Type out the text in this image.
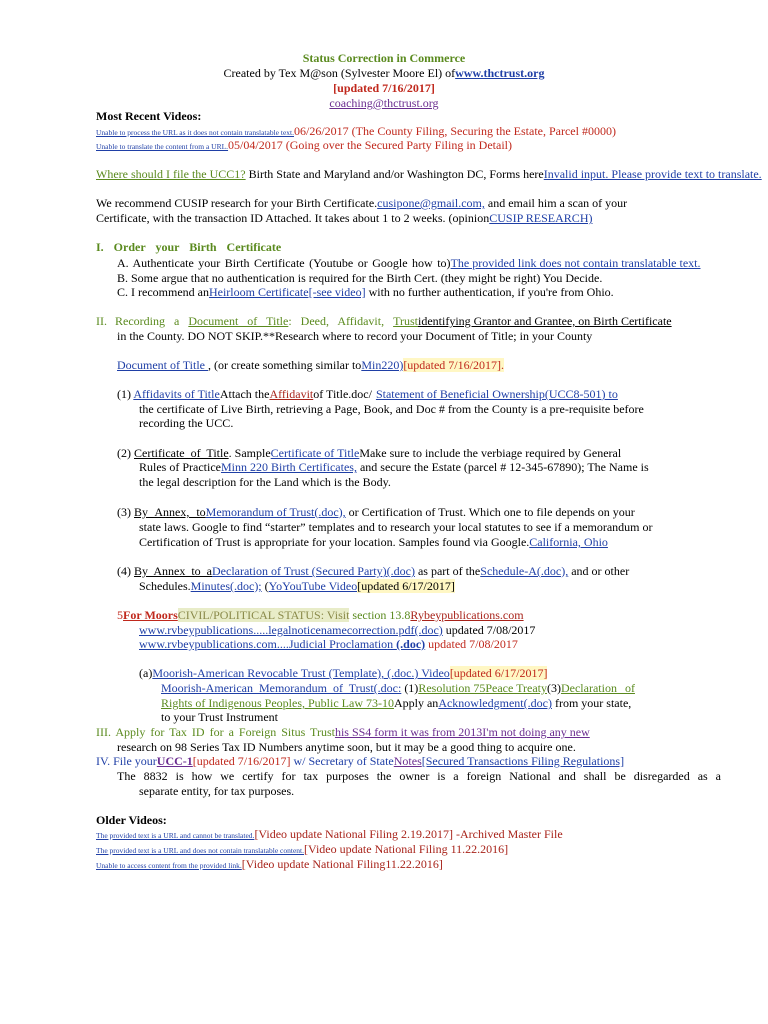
Status Correction in Commerce
Created by Tex M@son (Sylvester Moore El) ofwww.thctrust.org
[updated 7/16/2017]
coaching@thctrust.org
Most Recent Videos:
Unable to process the URL as it does not contain translatable text.06/26/2017 (The County Filing, Securing the Estate, Parcel #0000)
Unable to translate the content from a URL.05/04/2017 (Going over the Secured Party Filing in Detail)
Where should I file the UCC1? Birth State and Maryland and/or Washington DC, Forms hereInvalid input. Please provide text to translate.
We recommend CUSIP research for your Birth Certificate.cusipone@gmail.com, and email him a scan of your
Certificate, with the transaction ID Attached. It takes about 1 to 2 weeks. (opinionCUSIP RESEARCH)
I. Order your Birth Certificate
A. Authenticate your Birth Certificate (Youtube or Google how to)The provided link does not contain translatable text.
B. Some argue that no authentication is required for the Birth Cert. (they might be right) You Decide.
C. I recommend anHeirloom Certificate[-see video] with no further authentication, if you're from Ohio.
II. Recording a Document of Title: Deed, Affidavit, Trustidentifying Grantor and Grantee, on Birth Certificate
in the County. DO NOT SKIP.**Research where to record your Document of Title; in your County
Document of Title , (or create something similar toMin220)[updated 7/16/2017].
(1) Affidavits of TitleAttach theAffidavitof Title.doc/ Statement of Beneficial Ownership(UCC8-501) to
the certificate of Live Birth, retrieving a Page, Book, and Doc # from the County is a pre-requisite before
recording the UCC.
(2) Certificate of Title. SampleCertificate of TitleMake sure to include the verbiage required by General
Rules of PracticeMinn 220 Birth Certificates, and secure the Estate (parcel # 12-345-67890); The Name is
the legal description for the Land which is the Body.
(3) By Annex, toMemorandum of Trust(.doc), or Certification of Trust. Which one to file depends on your
state laws. Google to find “starter” templates and to research your local statutes to see if a memorandum or
Certification of Trust is appropriate for your location. Samples found via Google.California, Ohio
(4) By Annex to aDeclaration of Trust (Secured Party)(.doc) as part of theSchedule-A(.doc), and or other
Schedules.Minutes(.doc); (YoYouTube Video[updated 6/17/2017]
5For MoorsCIVIL/POLITICAL STATUS: Visit section 13.8Rybeypublications.com
www.rvbeypublications.....legalnoticenamecorrection.pdf(.doc) updated 7/08/2017
www.rvbeypublications.com....Judicial Proclamation (.doc) updated 7/08/2017
(a)Moorish-American Revocable Trust (Template), (.doc.) Video[updated 6/17/2017]
Moorish-American Memorandum of Trust(.doc: (1)Resolution 75Peace Treaty(3)Declaration of
Rights of Indigenous Peoples, Public Law 73-10Apply anAcknowledgment(.doc) from your state,
to your Trust Instrument
III. Apply for Tax ID for a Foreign Situs Trusthis SS4 form it was from 2013I'm not doing any new
research on 98 Series Tax ID Numbers anytime soon, but it may be a good thing to acquire one.
IV. File yourUCC-1[updated 7/16/2017] w/ Secretary of StateNotes[Secured Transactions Filing Regulations]
The 8832 is how we certify for tax purposes the owner is a foreign National and shall be disregarded as a
separate entity, for tax purposes.
Older Videos:
The provided text is a URL and cannot be translated.[Video update National Filing 2.19.2017] -Archived Master File
The provided text is a URL and does not contain translatable content.[Video update National Filing 11.22.2016]
Unable to access content from the provided link.[Video update National Filing11.22.2016]
